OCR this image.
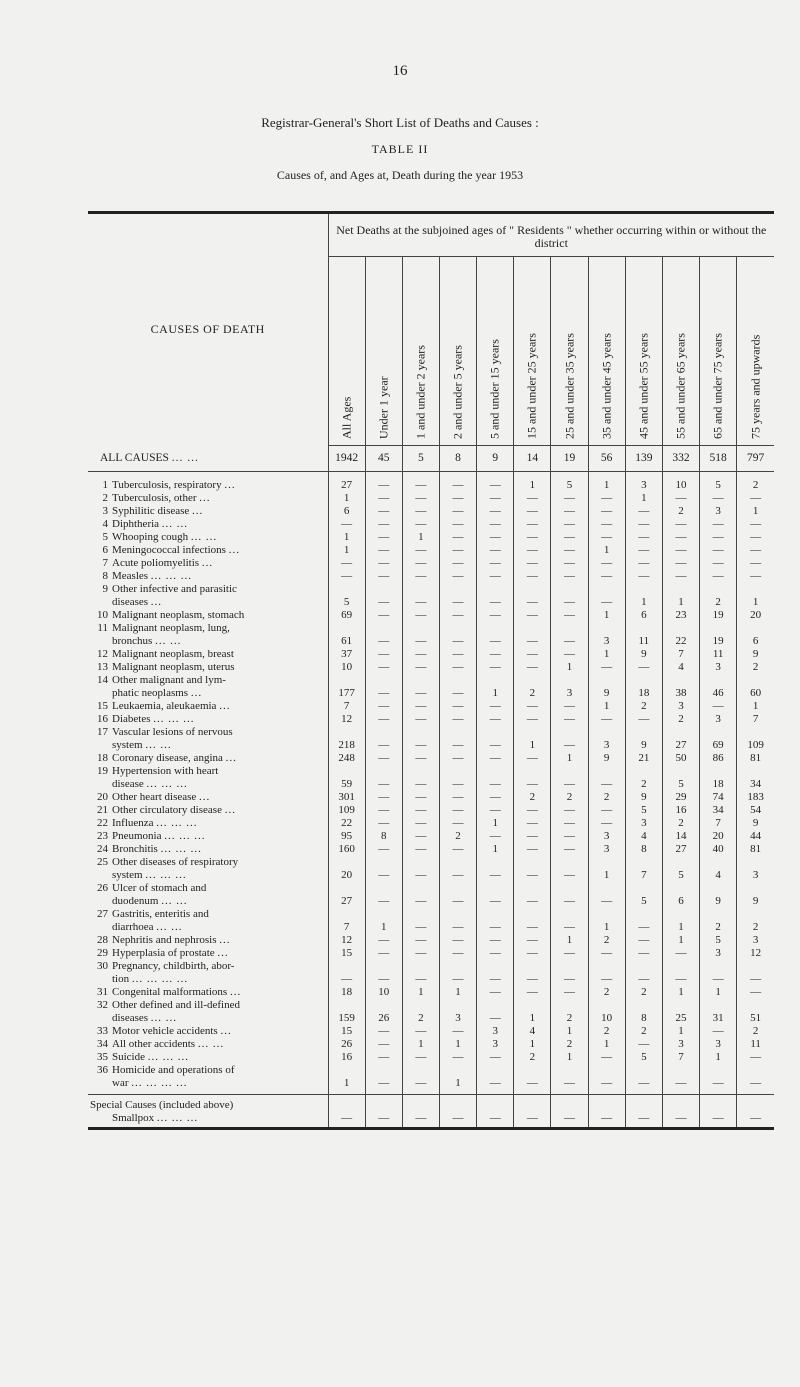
16
Registrar-General's Short List of Deaths and Causes :
TABLE II
Causes of, and Ages at, Death during the year 1953
CAUSES OF DEATH	Net Deaths at the subjoined ages of " Residents " whether occurring within or without the district											

	All Ages	Under 1 year	1 and under 2 years	2 and under 5 years	5 and under 15 years	15 and under 25 years	25 and under 35 years	35 and under 45 years	45 and under 55 years	55 and under 65 years	65 and under 75 years	75 years and upwards

ALL CAUSES ... ...	1942	45	5	8	9	14	19	56	139	332	518	797
1 Tuberculosis, respiratory ...	27	—	—	—	—	1	5	1	3	10	5	2
2 Tuberculosis, other ...	1	—	—	—	—	—	—	—	1	—	—	—
3 Syphilitic disease ...	6	—	—	—	—	—	—	—	—	2	3	1
4 Diphtheria ... ...	—	—	—	—	—	—	—	—	—	—	—	—
5 Whooping cough ... ...	1	—	1	—	—	—	—	—	—	—	—	—
6 Meningococcal infections ...	1	—	—	—	—	—	—	1	—	—	—	—
7 Acute poliomyelitis ...	—	—	—	—	—	—	—	—	—	—	—	—
8 Measles ... ... ...	—	—	—	—	—	—	—	—	—	—	—	—
9 Other infective and parasitic
diseases ...	5	—	—	—	—	—	—	—	1	1	2	1
10 Malignant neoplasm, stomach	69	—	—	—	—	—	—	1	6	23	19	20
11 Malignant neoplasm, lung,
bronchus ... ...	61	—	—	—	—	—	—	3	11	22	19	6
12 Malignant neoplasm, breast	37	—	—	—	—	—	—	1	9	7	11	9
13 Malignant neoplasm, uterus	10	—	—	—	—	—	1	—	—	4	3	2
14 Other malignant and lym-
phatic neoplasms ...	177	—	—	—	1	2	3	9	18	38	46	60
15 Leukaemia, aleukaemia ...	7	—	—	—	—	—	—	1	2	3	—	1
16 Diabetes ... ... ...	12	—	—	—	—	—	—	—	—	2	3	7
17 Vascular lesions of nervous
system ... ...	218	—	—	—	—	1	—	3	9	27	69	109
18 Coronary disease, angina ...	248	—	—	—	—	—	1	9	21	50	86	81
19 Hypertension with heart
disease ... ... ...	59	—	—	—	—	—	—	—	2	5	18	34
20 Other heart disease ...	301	—	—	—	—	2	2	2	9	29	74	183
21 Other circulatory disease ...	109	—	—	—	—	—	—	—	5	16	34	54
22 Influenza ... ... ...	22	—	—	—	1	—	—	—	3	2	7	9
23 Pneumonia ... ... ...	95	8	—	2	—	—	—	3	4	14	20	44
24 Bronchitis ... ... ...	160	—	—	—	1	—	—	3	8	27	40	81
25 Other diseases of respiratory
system ... ... ...	20	—	—	—	—	—	—	1	7	5	4	3
26 Ulcer of stomach and
duodenum ... ...	27	—	—	—	—	—	—	—	5	6	9	9
27 Gastritis, enteritis and
diarrhoea ... ...	7	1	—	—	—	—	—	1	—	1	2	2
28 Nephritis and nephrosis ...	12	—	—	—	—	—	1	2	—	1	5	3
29 Hyperplasia of prostate ...	15	—	—	—	—	—	—	—	—	—	3	12
30 Pregnancy, childbirth, abor-
tion ... ... ... ...	—	—	—	—	—	—	—	—	—	—	—	—
31 Congenital malformations ...	18	10	1	1	—	—	—	2	2	1	1	—
32 Other defined and ill-defined
diseases ... ...	159	26	2	3	—	1	2	10	8	25	31	51
33 Motor vehicle accidents ...	15	—	—	—	3	4	1	2	2	1	—	2
34 All other accidents ... ...	26	—	1	1	3	1	2	1	—	3	3	11
35 Suicide ... ... ...	16	—	—	—	—	2	1	—	5	7	1	—
36 Homicide and operations of
war ... ... ... ...	1	—	—	1	—	—	—	—	—	—	—	—
Special Causes (included above)
Smallpox ... ... ...	—	—	—	—	—	—	—	—	—	—	—	—
